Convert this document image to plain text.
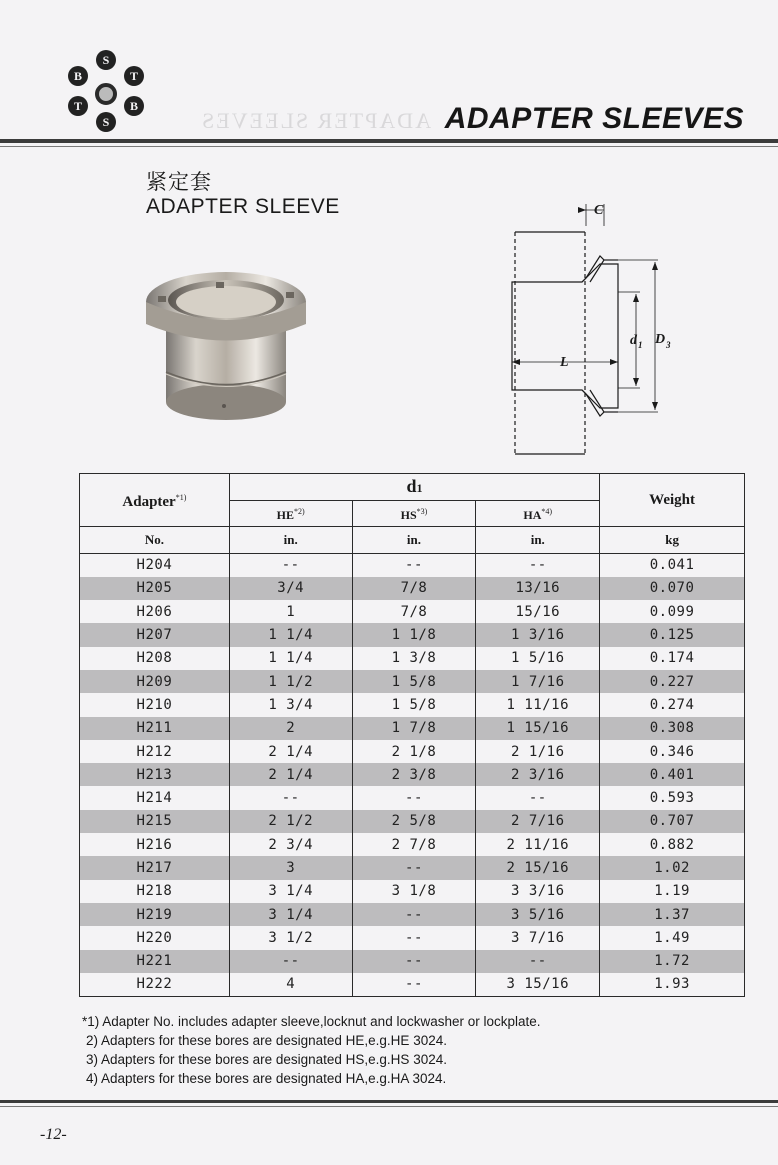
S
T
B
T
S
B
ADAPTER SLEEVES ADAPTER SLEEVES
紧定套
ADAPTER SLEEVE	C
d 1 D 3
L
Adapter$^{*1)}$	d1			Weight
	HE$^{*2)}$	HS$^{*3)}$	HA$^{*4)}$
No.	in.	in.	in.	kg
H204	--	--	--	0.041
H205	3/4	7/8	13/16	0.070
H206	1	7/8	15/16	0.099
H207	1 1/4	1 1/8	1 3/16	0.125
H208	1 1/4	1 3/8	1 5/16	0.174
H209	1 1/2	1 5/8	1 7/16	0.227
H210	1 3/4	1 5/8	1 11/16	0.274
H211	2	1 7/8	1 15/16	0.308
H212	2 1/4	2 1/8	2 1/16	0.346
H213	2 1/4	2 3/8	2 3/16	0.401
H214	--	--	--	0.593
H215	2 1/2	2 5/8	2 7/16	0.707
H216	2 3/4	2 7/8	2 11/16	0.882
H217	3	--	2 15/16	1.02
H218	3 1/4	3 1/8	3 3/16	1.19
H219	3 1/4	--	3 5/16	1.37
H220	3 1/2	--	3 7/16	1.49
H221	--	--	--	1.72
H222	4	--	3 15/16	1.93
*1) Adapter No. includes adapter sleeve,locknut and lockwasher or lockplate.
2) Adapters for these bores are designated HE,e.g.HE 3024.
3) Adapters for these bores are designated HS,e.g.HS 3024.
4) Adapters for these bores are designated HA,e.g.HA 3024.
-12-
